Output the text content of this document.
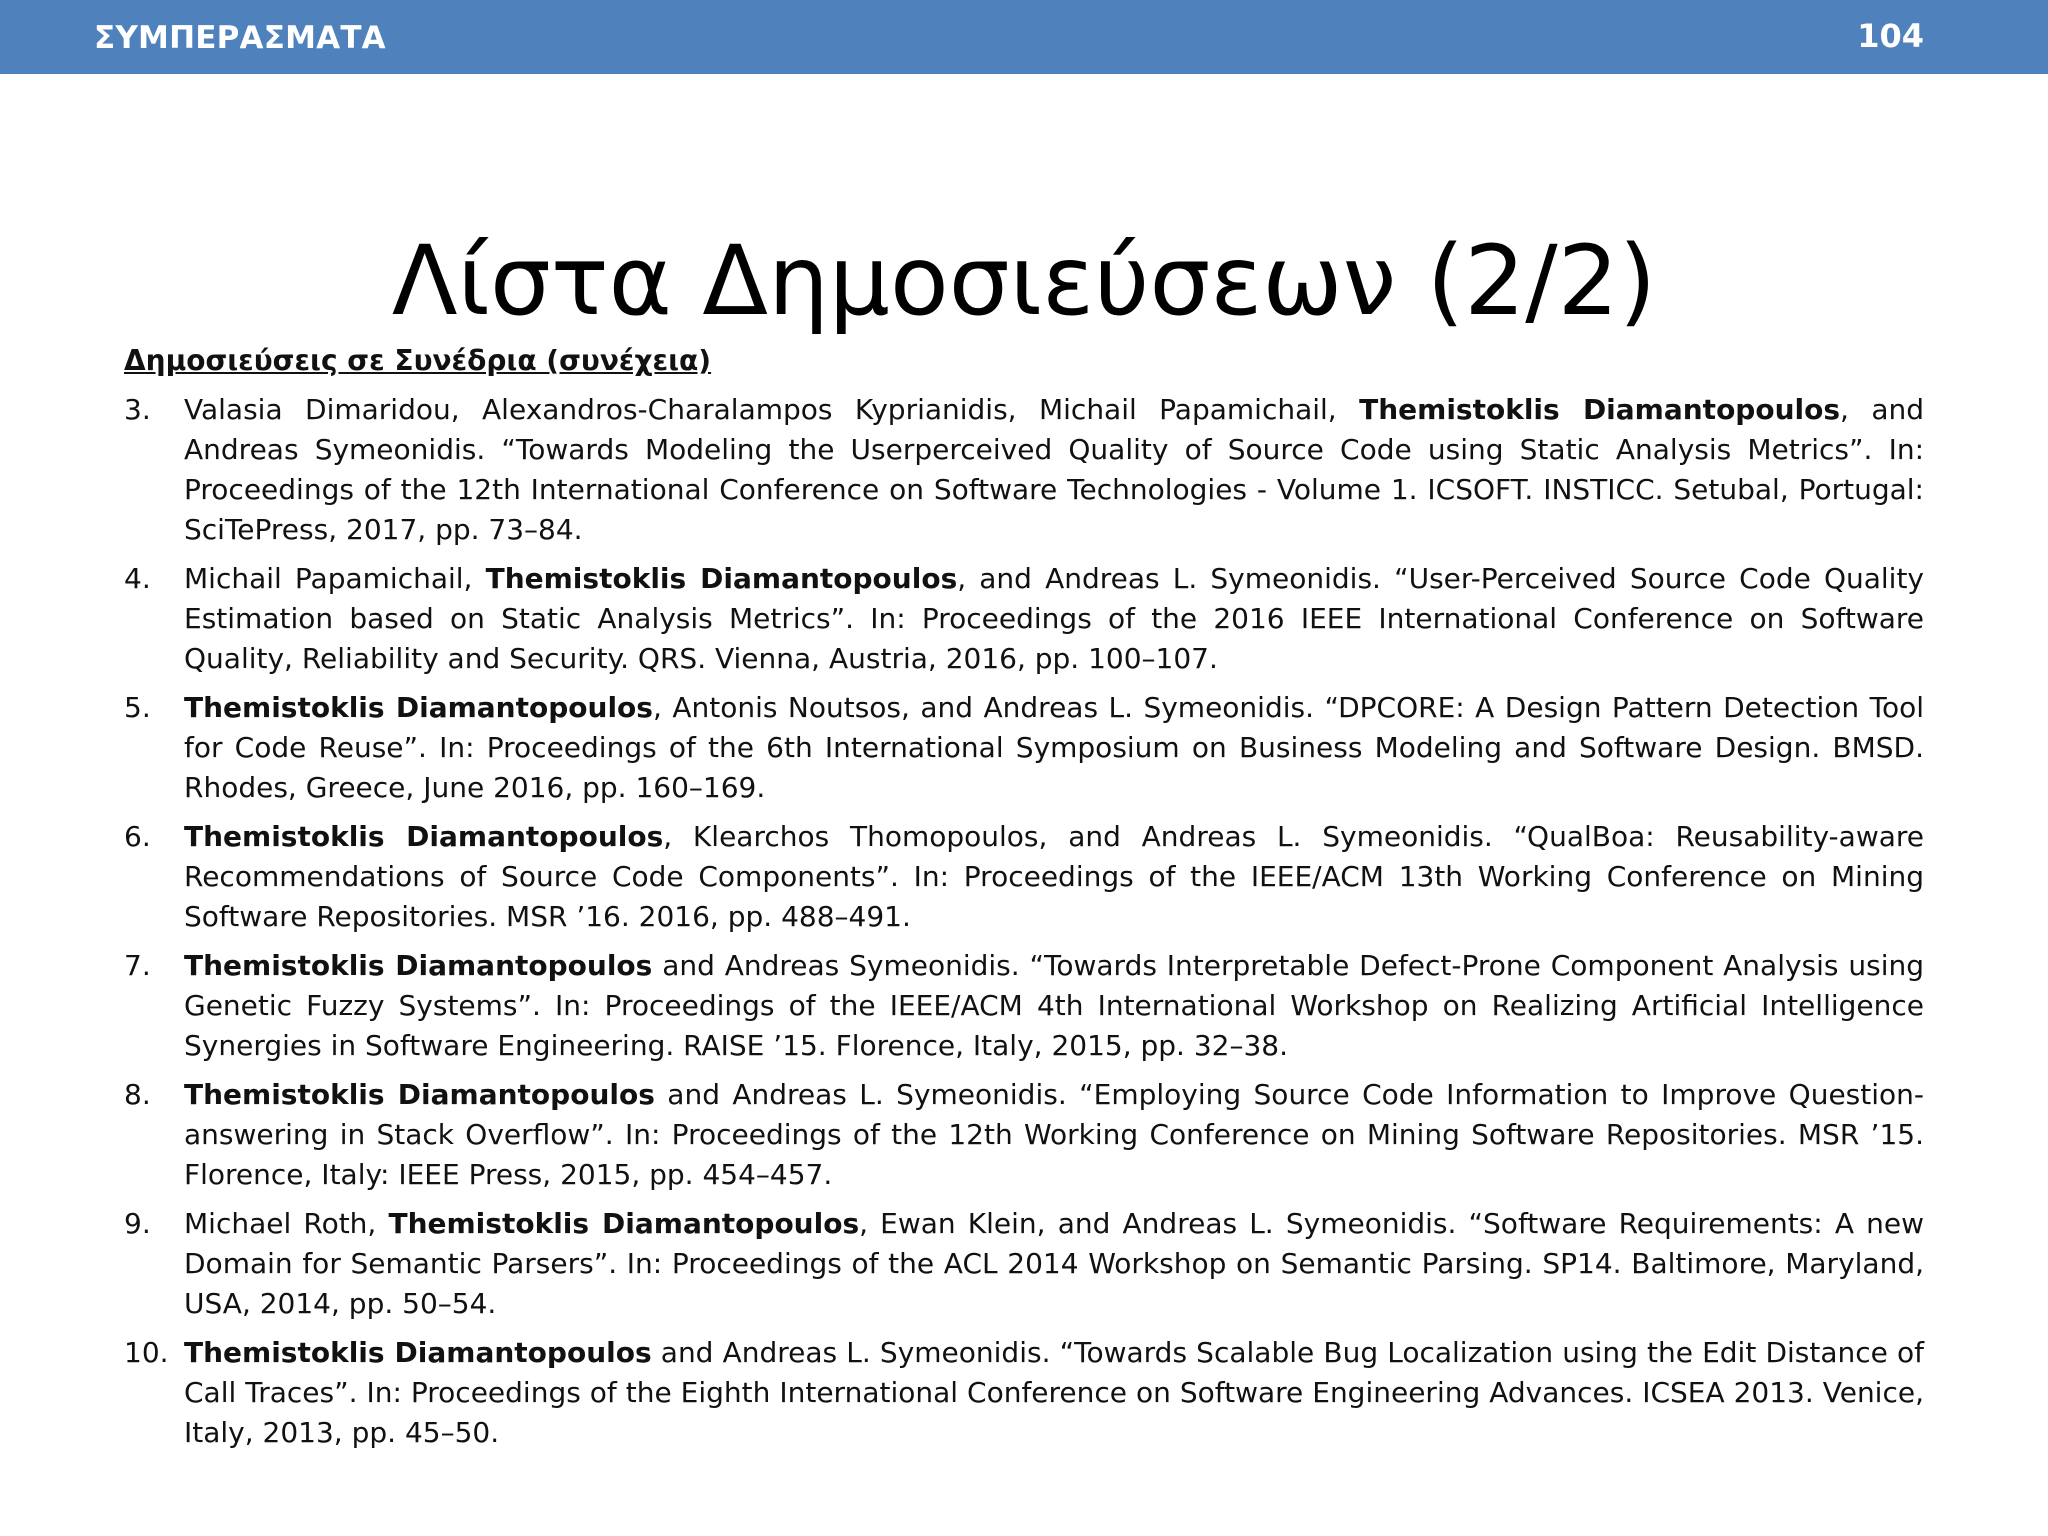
ΣΥΜΠΕΡΑΣΜΑΤΑ	104
Λίστα Δημοσιεύσεων (2/2)
Δημοσιεύσεις σε Συνέδρια (συνέχεια)
3.	Valasia Dimaridou, Alexandros-Charalampos Kyprianidis, Michail Papamichail, Themistoklis Diamantopoulos, and Andreas Symeonidis. “Towards Modeling the Userperceived Quality of Source Code using Static Analysis Metrics”. In: Proceedings of the 12th International Conference on Software Technologies - Volume 1. ICSOFT. INSTICC. Setubal, Portugal: SciTePress, 2017, pp. 73–84.
4.	Michail Papamichail, Themistoklis Diamantopoulos, and Andreas L. Symeonidis. “User-Perceived Source Code Quality Estimation based on Static Analysis Metrics”. In: Proceedings of the 2016 IEEE International Conference on Software Quality, Reliability and Security. QRS. Vienna, Austria, 2016, pp. 100–107.
5.	Themistoklis Diamantopoulos, Antonis Noutsos, and Andreas L. Symeonidis. “DPCORE: A Design Pattern Detection Tool for Code Reuse”. In: Proceedings of the 6th International Symposium on Business Modeling and Software Design. BMSD. Rhodes, Greece, June 2016, pp. 160–169.
6.	Themistoklis Diamantopoulos, Klearchos Thomopoulos, and Andreas L. Symeonidis. “QualBoa: Reusability-aware Recommendations of Source Code Components”. In: Proceedings of the IEEE/ACM 13th Working Conference on Mining Software Repositories. MSR ’16. 2016, pp. 488–491.
7.	Themistoklis Diamantopoulos and Andreas Symeonidis. “Towards Interpretable Defect-Prone Component Analysis using Genetic Fuzzy Systems”. In: Proceedings of the IEEE/ACM 4th International Workshop on Realizing Artificial Intelligence Synergies in Software Engineering. RAISE ’15. Florence, Italy, 2015, pp. 32–38.
8.	Themistoklis Diamantopoulos and Andreas L. Symeonidis. “Employing Source Code Information to Improve Question-answering in Stack Overflow”. In: Proceedings of the 12th Working Conference on Mining Software Repositories. MSR ’15. Florence, Italy: IEEE Press, 2015, pp. 454–457.
9.	Michael Roth, Themistoklis Diamantopoulos, Ewan Klein, and Andreas L. Symeonidis. “Software Requirements: A new Domain for Semantic Parsers”. In: Proceedings of the ACL 2014 Workshop on Semantic Parsing. SP14. Baltimore, Maryland, USA, 2014, pp. 50–54.
10. Themistoklis Diamantopoulos and Andreas L. Symeonidis. “Towards Scalable Bug Localization using the Edit Distance of Call Traces”. In: Proceedings of the Eighth International Conference on Software Engineering Advances. ICSEA 2013. Venice, Italy, 2013, pp. 45–50.
